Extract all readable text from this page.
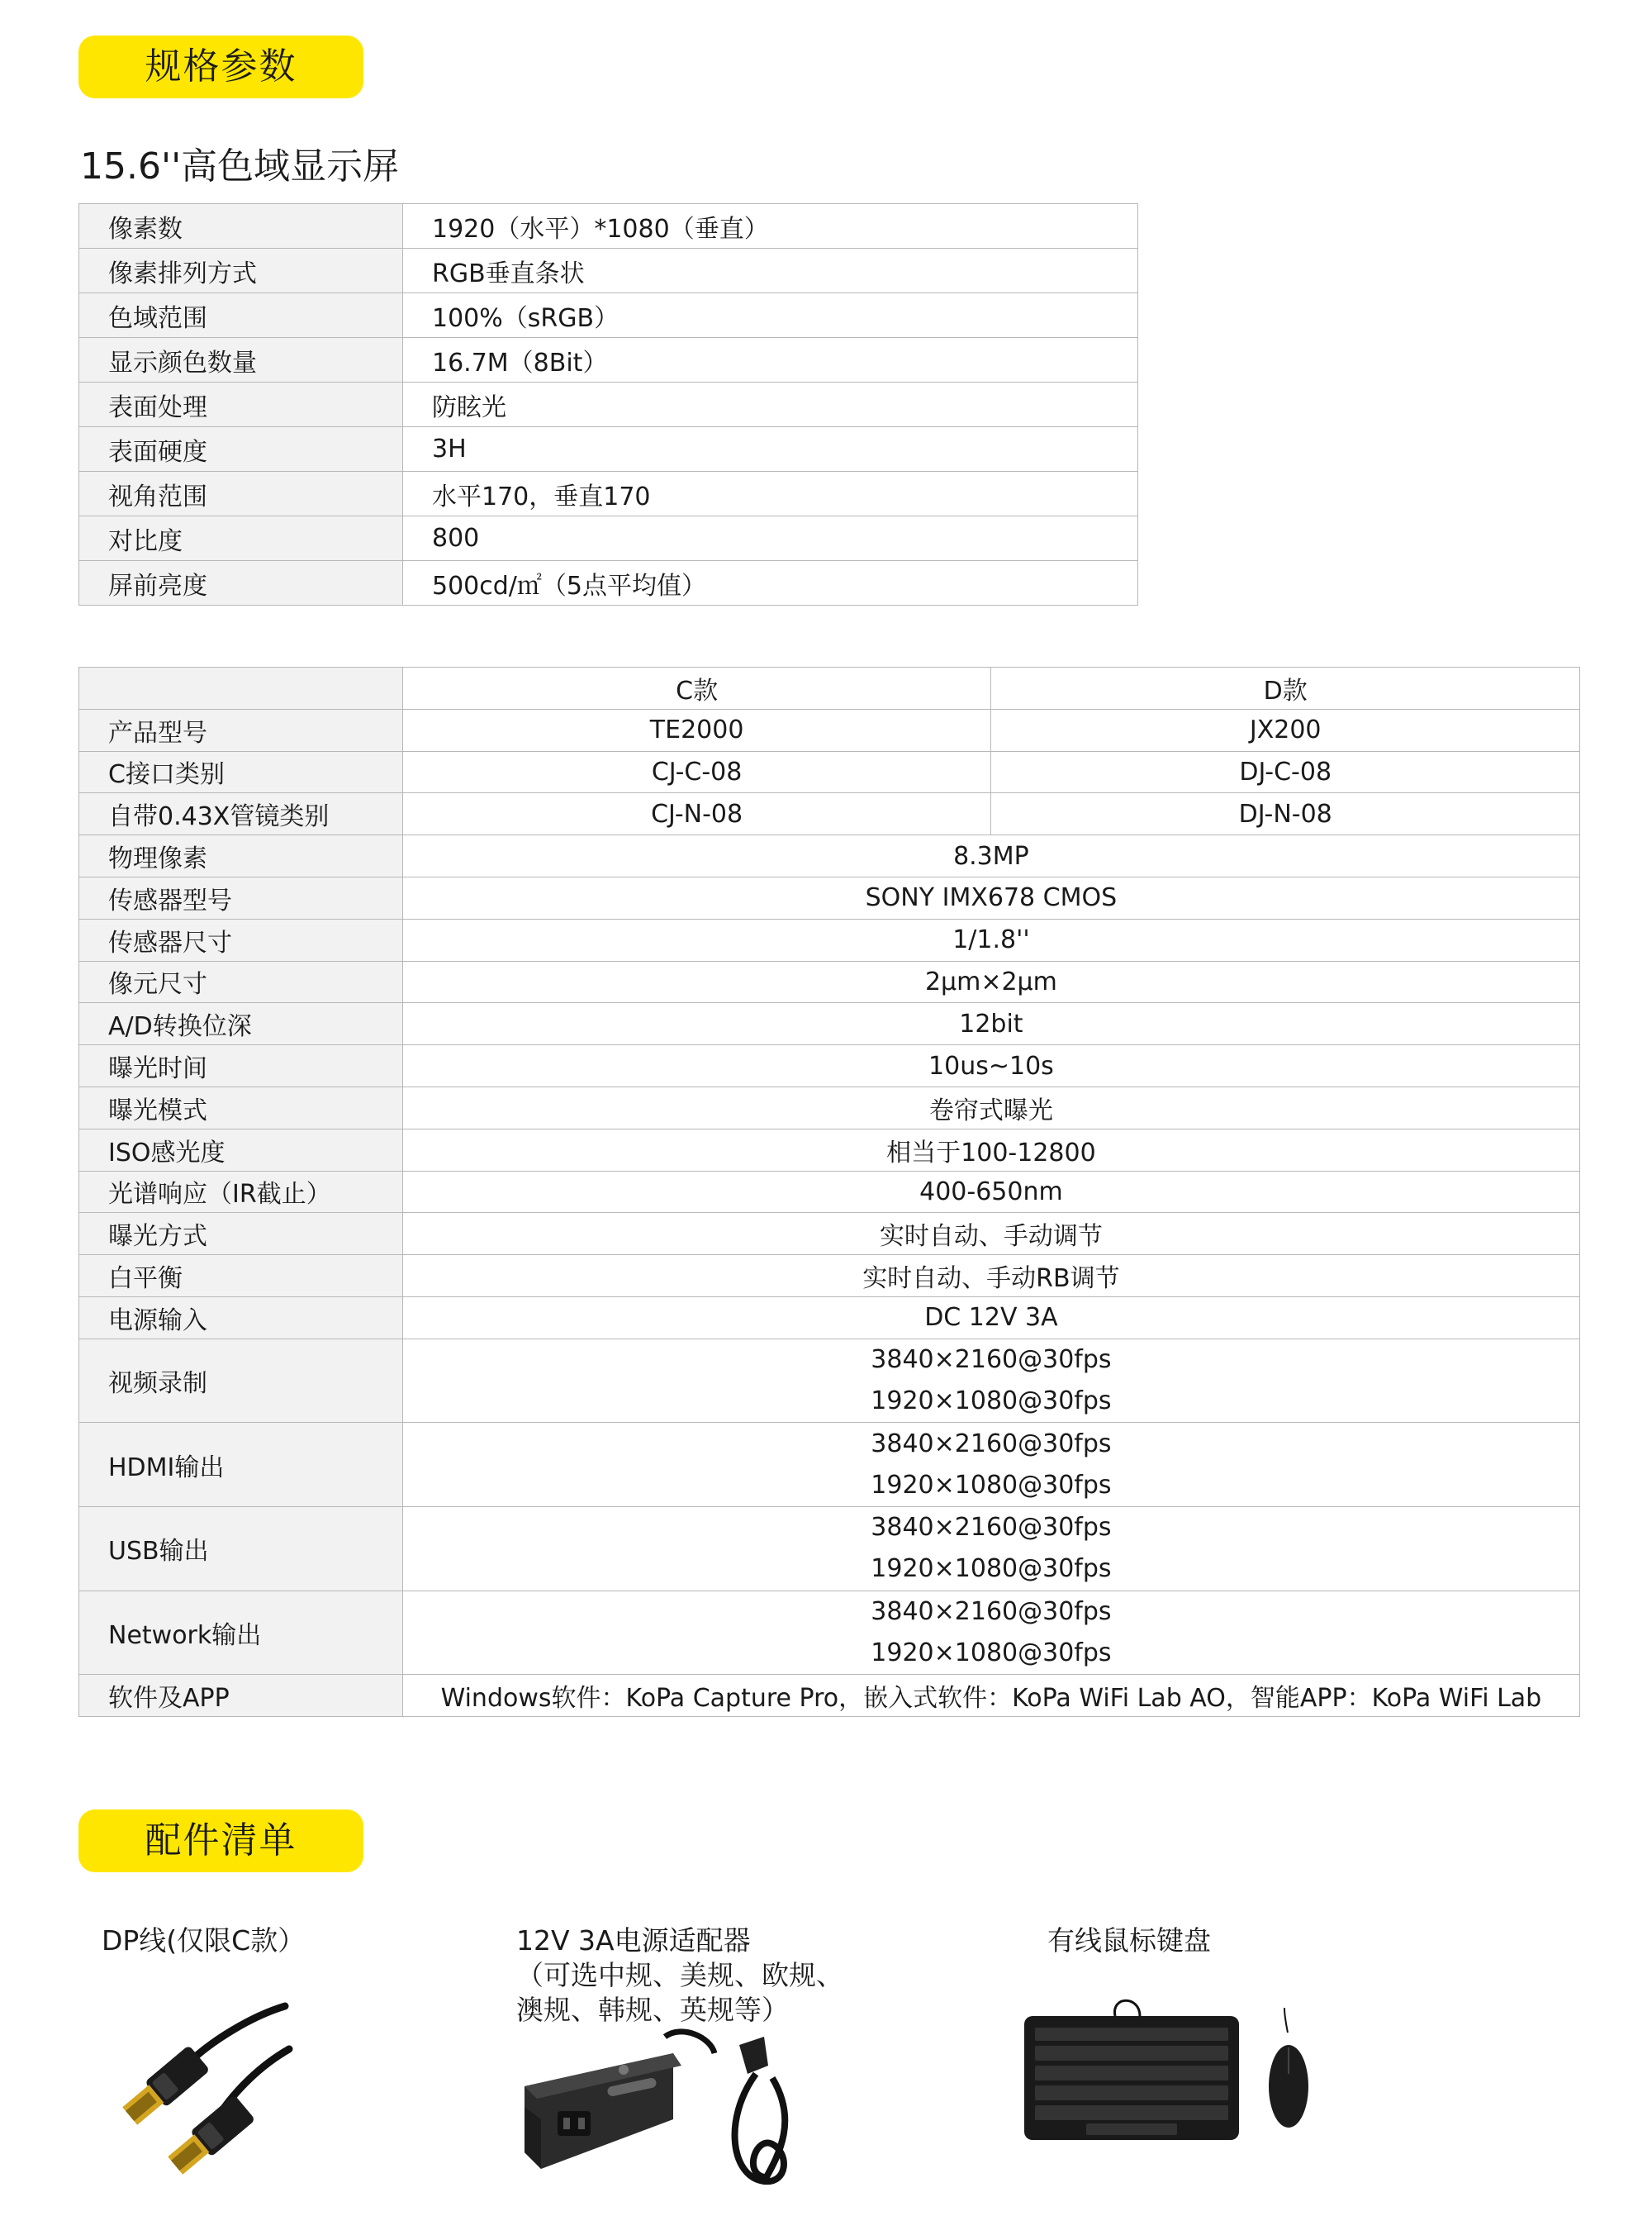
规格参数
15.6''高色域显示屏
像素数	1920（水平）*1080（垂直）
像素排列方式	RGB垂直条状
色域范围	100%（sRGB）
显示颜色数量	16.7M（8Bit）
表面处理	防眩光
表面硬度	3H
视角范围	水平170，垂直170
对比度	800
屏前亮度	500cd/㎡（5点平均值）
	C款	D款
产品型号	TE2000	JX200
C接口类别	CJ-C-08	DJ-C-08
自带0.43X管镜类别	CJ-N-08	DJ-N-08
物理像素	8.3MP	
传感器型号	SONY IMX678 CMOS	
传感器尺寸	1/1.8''	
像元尺寸	2μm×2μm	
A/D转换位深	12bit	
曝光时间	10us~10s	
曝光模式	卷帘式曝光	
ISO感光度	相当于100-12800	
光谱响应（IR截止）	400-650nm	
曝光方式	实时自动、手动调节	
白平衡	实时自动、手动RB调节	
电源输入	DC 12V 3A	
视频录制	3840×2160@30fps
1920×1080@30fps	

HDMI输出	3840×2160@30fps
1920×1080@30fps	

USB输出	3840×2160@30fps
1920×1080@30fps	

Network输出	3840×2160@30fps
1920×1080@30fps	

软件及APP	Windows软件：KoPa Capture Pro，嵌入式软件：KoPa WiFi Lab AO，智能APP：KoPa WiFi Lab	
配件清单
DP线(仅限C款）	12V 3A电源适配器
（可选中规、美规、欧规、
澳规、韩规、英规等）
有线鼠标键盘
